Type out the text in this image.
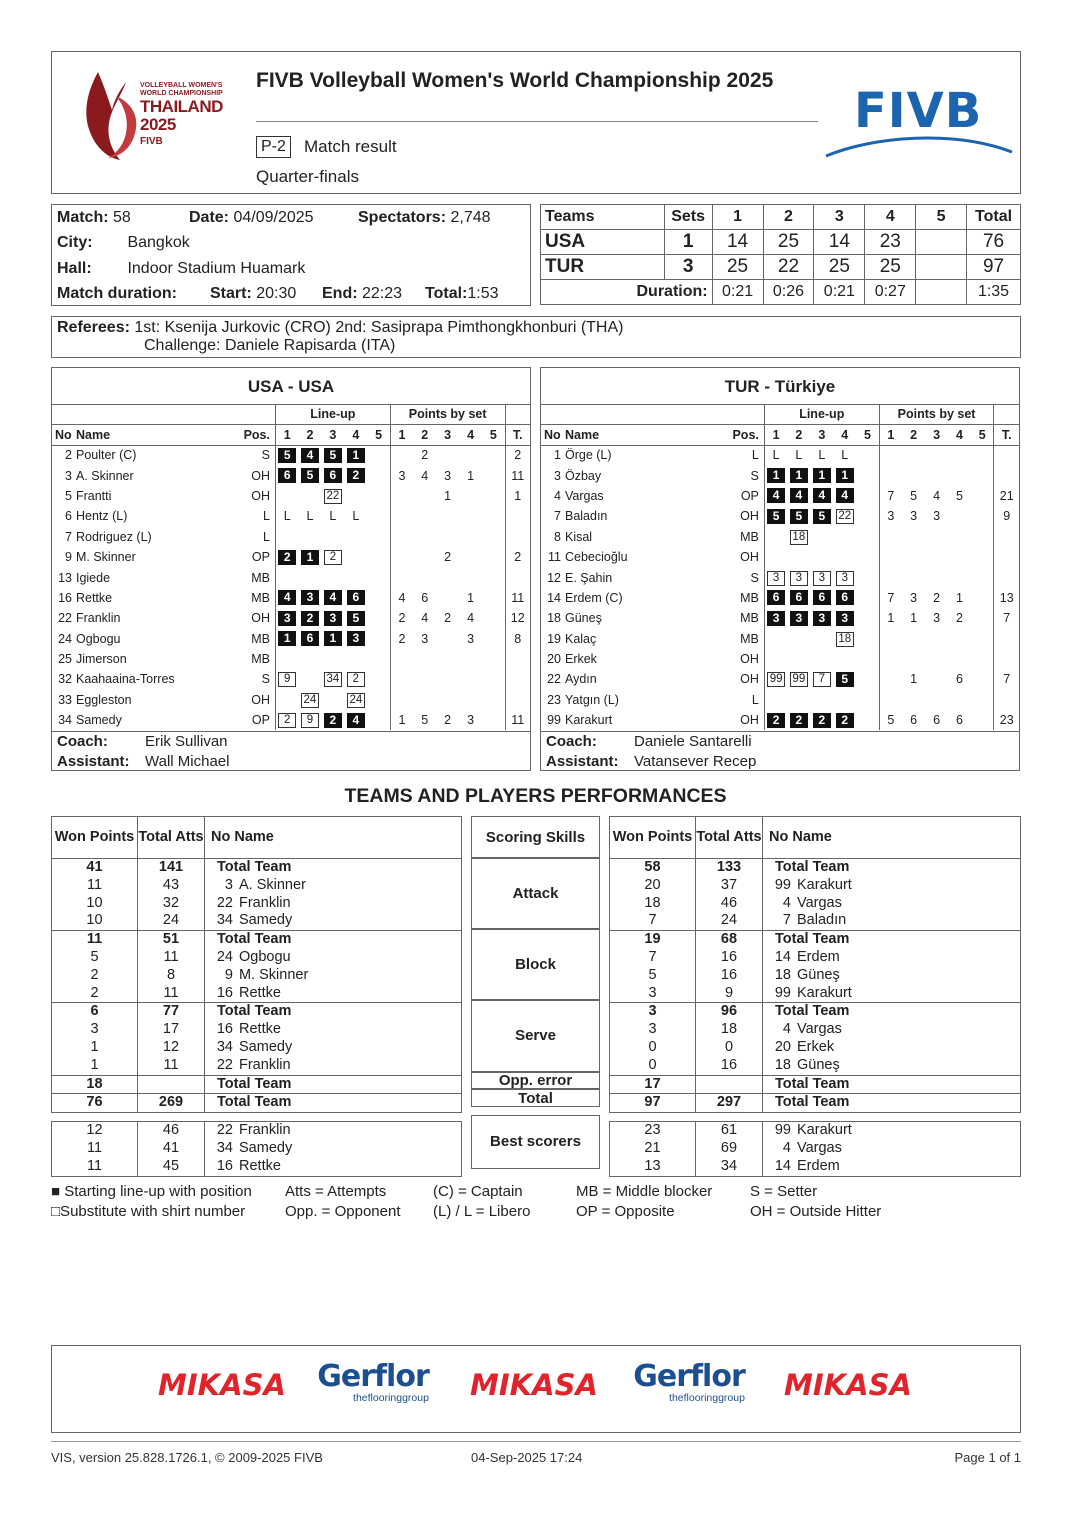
VOLLEYBALL WOMEN'S
WORLD CHAMPIONSHIP
THAILAND
2025
FIVB
FIVB Volleyball Women's World Championship 2025
P-2 Match result
Quarter-finals
FIVB
Match: 58	Date: 04/09/2025	Spectators: 2,748
City: Bangkok
Hall: Indoor Stadium Huamark
Match duration: Start: 20:30 End: 22:23 Total:1:53
Teams	Sets	1	2	3	4	5	Total
USA	1	14	25	14	23		76
TUR	3	25	22	25	25		97
Duration:		0:21	0:26	0:21	0:27		1:35
Referees: 1st: Ksenija Jurkovic (CRO) 2nd: Sasiprapa Pimthongkhonburi (THA)
Challenge: Daniele Rapisarda (ITA)
USA - USA
			Line-up					Points by set					
No	Name	Pos.	1	2	3	4	5	1	2	3	4	5	T.
2	Poulter (C)	S	5	4	5	1			2				2
3	A. Skinner	OH	6	5	6	2		3	4	3	1		11
5	Frantti	OH			22					1			1
6	Hentz (L)	L	L	L	L	L							
7	Rodriguez (L)	L											
9	M. Skinner	OP	2	1	2					2			2
13	Igiede	MB											
16	Rettke	MB	4	3	4	6		4	6		1		11
22	Franklin	OH	3	2	3	5		2	4	2	4		12
24	Ogbogu	MB	1	6	1	3		2	3		3		8
25	Jimerson	MB											
32	Kaahaaina-Torres	S	9		34	2							
33	Eggleston	OH		24		24							
34	Samedy	OP	2	9	2	4		1	5	2	3		11
Coach: Erik Sullivan
Assistant: Wall Michael
TUR - Türkiye
			Line-up					Points by set					
No	Name	Pos.	1	2	3	4	5	1	2	3	4	5	T.
1	Örge (L)	L	L	L	L	L							
3	Özbay	S	1	1	1	1							
4	Vargas	OP	4	4	4	4		7	5	4	5		21
7	Baladın	OH	5	5	5	22		3	3	3			9
8	Kisal	MB		18									
11	Cebecioğlu	OH											
12	E. Şahin	S	3	3	3	3							
14	Erdem (C)	MB	6	6	6	6		7	3	2	1		13
18	Güneş	MB	3	3	3	3		1	1	3	2		7
19	Kalaç	MB				18							
20	Erkek	OH											
22	Aydın	OH	99	99	7	5			1		6		7
23	Yatgın (L)	L											
99	Karakurt	OH	2	2	2	2		5	6	6	6		23
Coach: Daniele Santarelli
Assistant: Vatansever Recep
TEAMS AND PLAYERS PERFORMANCES
Won Points	Total Atts	No Name
41	141	Total Team
11	43	3 A. Skinner
10	32	22 Franklin
10	24	34 Samedy
11	51	Total Team
5	11	24 Ogbogu
2	8	9 M. Skinner
2	11	16 Rettke
6	77	Total Team
3	17	16 Rettke
1	12	34 Samedy
1	11	22 Franklin
18		Total Team
76	269	Total Team
12	46	22 Franklin
11	41	34 Samedy
11	45	16 Rettke
Scoring Skills
Attack
Block
Serve
Opp. error
Total
Best scorers
Won Points	Total Atts	No Name
58	133	Total Team
20	37	99 Karakurt
18	46	4 Vargas
7	24	7 Baladın
19	68	Total Team
7	16	14 Erdem
5	16	18 Güneş
3	9	99 Karakurt
3	96	Total Team
3	18	4 Vargas
0	0	20 Erkek
0	16	18 Güneş
17		Total Team
97	297	Total Team
23	61	99 Karakurt
21	69	4 Vargas
13	34	14 Erdem
■ Starting line-up with position
□Substitute with shirt number
Atts = Attempts
Opp. = Opponent
(C) = Captain
(L) / L = Libero
MB = Middle blocker
OP = Opposite
S = Setter
OH = Outside Hitter
MIKASA	Gerflor
theflooringgroup	MIKASA	Gerflor
theflooringgroup	MIKASA
VIS, version 25.828.1726.1, © 2009-2025 FIVB	04-Sep-2025 17:24	Page 1 of 1
